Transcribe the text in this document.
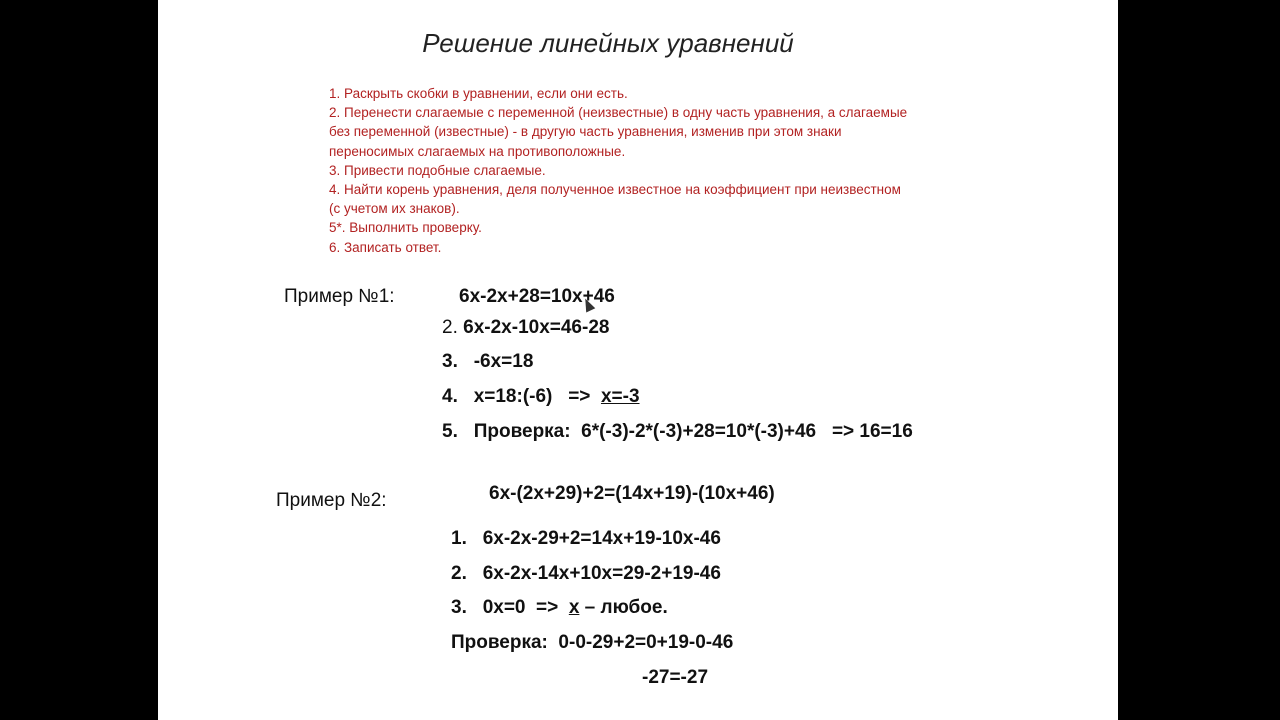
Решение линейных уравнений
1. Раскрыть скобки в уравнении, если они есть.
2. Перенести слагаемые с переменной (неизвестные) в одну часть уравнения, а слагаемые
без переменной (известные) - в другую часть уравнения, изменив при этом знаки
переносимых слагаемых на противоположные.
3. Привести подобные слагаемые.
4. Найти корень уравнения, деля полученное известное на коэффициент при неизвестном
(с учетом их знаков).
5*. Выполнить проверку.
6. Записать ответ.
Пример №1:	6x-2x+28=10x+46
2. 6x-2x-10x=46-28
3. -6x=18
4. x=18:(-6)   =>  x=-3
5. Проверка:  6*(-3)-2*(-3)+28=10*(-3)+46   => 16=16
Пример №2:	6x-(2x+29)+2=(14x+19)-(10x+46)
1. 6x-2x-29+2=14x+19-10x-46
2. 6x-2x-14x+10x=29-2+19-46
3. 0x=0  =>  x – любое.
Проверка:  0-0-29+2=0+19-0-46
-27=-27
